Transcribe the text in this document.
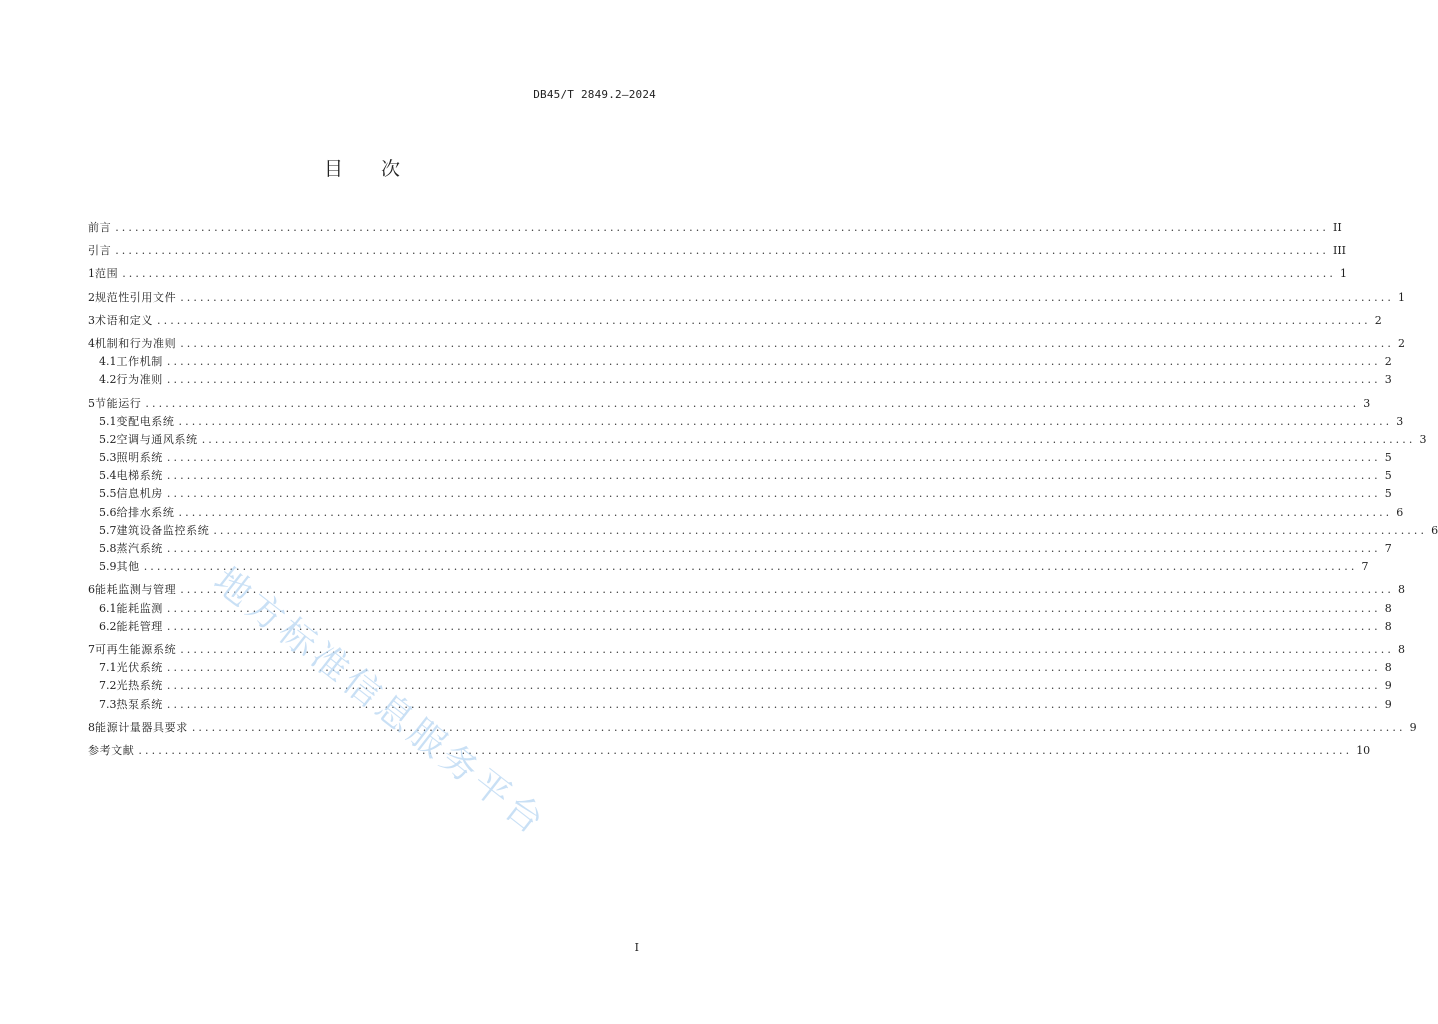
DB45/T 2849.2—2024
目 次
前言 ........................................................................................................................................................................................ II
引言 ........................................................................................................................................................................................ III
1 范围 ........................................................................................................................................................................................ 1
2 规范性引用文件 ........................................................................................................................................................................................ 1
3 术语和定义 ........................................................................................................................................................................................ 2
4 机制和行为准则 ........................................................................................................................................................................................ 2
4.1 工作机制 ........................................................................................................................................................................................ 2
4.2 行为准则 ........................................................................................................................................................................................ 3
5 节能运行 ........................................................................................................................................................................................ 3
5.1 变配电系统 ........................................................................................................................................................................................ 3
5.2 空调与通风系统 ........................................................................................................................................................................................ 3
5.3 照明系统 ........................................................................................................................................................................................ 5
5.4 电梯系统 ........................................................................................................................................................................................ 5
5.5 信息机房 ........................................................................................................................................................................................ 5
5.6 给排水系统 ........................................................................................................................................................................................ 6
5.7 建筑设备监控系统 ........................................................................................................................................................................................ 6
5.8 蒸汽系统 ........................................................................................................................................................................................ 7
5.9 其他 ........................................................................................................................................................................................ 7
6 能耗监测与管理 ........................................................................................................................................................................................ 8
6.1 能耗监测 ........................................................................................................................................................................................ 8
6.2 能耗管理 ........................................................................................................................................................................................ 8
7 可再生能源系统 ........................................................................................................................................................................................ 8
7.1 光伏系统 ........................................................................................................................................................................................ 8
7.2 光热系统 ........................................................................................................................................................................................ 9
7.3 热泵系统 ........................................................................................................................................................................................ 9
8 能源计量器具要求 ........................................................................................................................................................................................ 9
参考文献 ........................................................................................................................................................................................ 10
地方标准信息服务平台
I
